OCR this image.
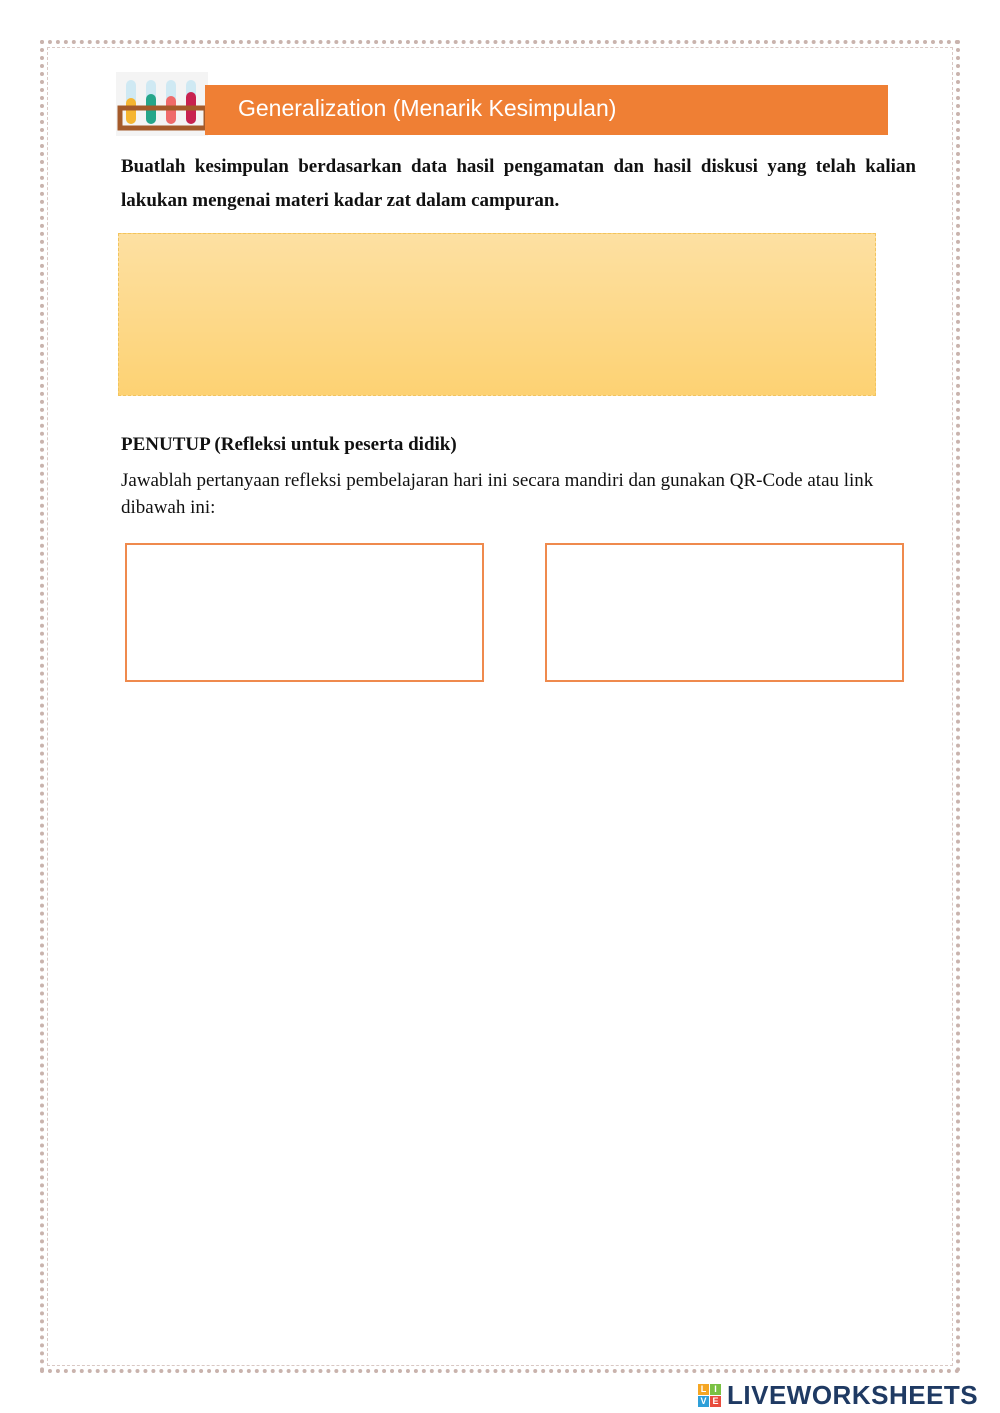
Generalization (Menarik Kesimpulan)
Buatlah kesimpulan berdasarkan data hasil pengamatan dan hasil diskusi yang telah kalian lakukan mengenai materi kadar zat dalam campuran.
PENUTUP (Refleksi untuk peserta didik)
Jawablah pertanyaan refleksi pembelajaran hari ini secara mandiri dan gunakan QR-Code atau link dibawah ini:
L I
V E LIVEWORKSHEETS
